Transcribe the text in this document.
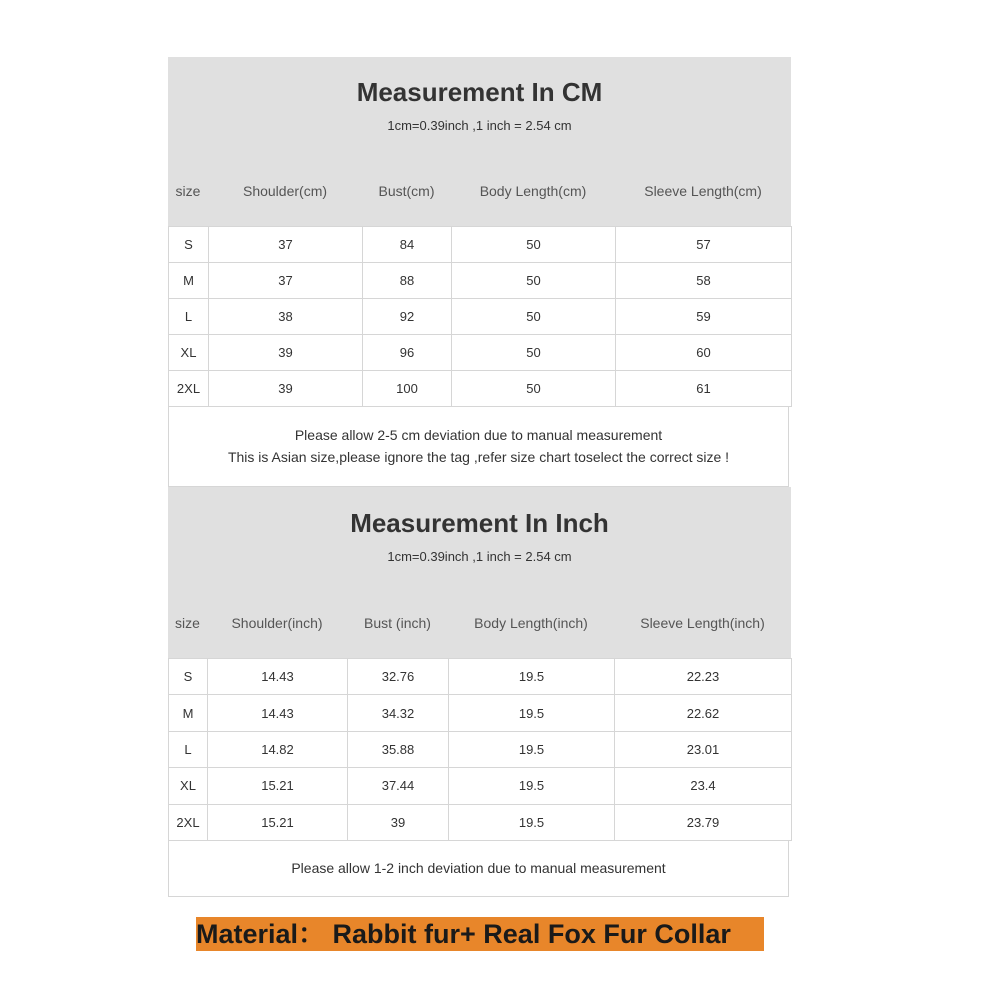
Measurement In CM
1cm=0.39inch ,1 inch = 2.54 cm
size	Shoulder(cm)	Bust(cm)	Body Length(cm)	Sleeve Length(cm)
S	37	84	50	57
M	37	88	50	58
L	38	92	50	59
XL	39	96	50	60
2XL	39	100	50	61
Please allow 2-5 cm deviation due to manual measurement
This is Asian size,please ignore the tag ,refer size chart toselect the correct size !
Measurement In Inch
1cm=0.39inch ,1 inch = 2.54 cm
size	Shoulder(inch)	Bust (inch)	Body Length(inch)	Sleeve Length(inch)
S	14.43	32.76	19.5	22.23
M	14.43	34.32	19.5	22.62
L	14.82	35.88	19.5	23.01
XL	15.21	37.44	19.5	23.4
2XL	15.21	39	19.5	23.79
Please allow 1-2 inch deviation due to manual measurement
Material： Rabbit fur+ Real Fox Fur Collar
